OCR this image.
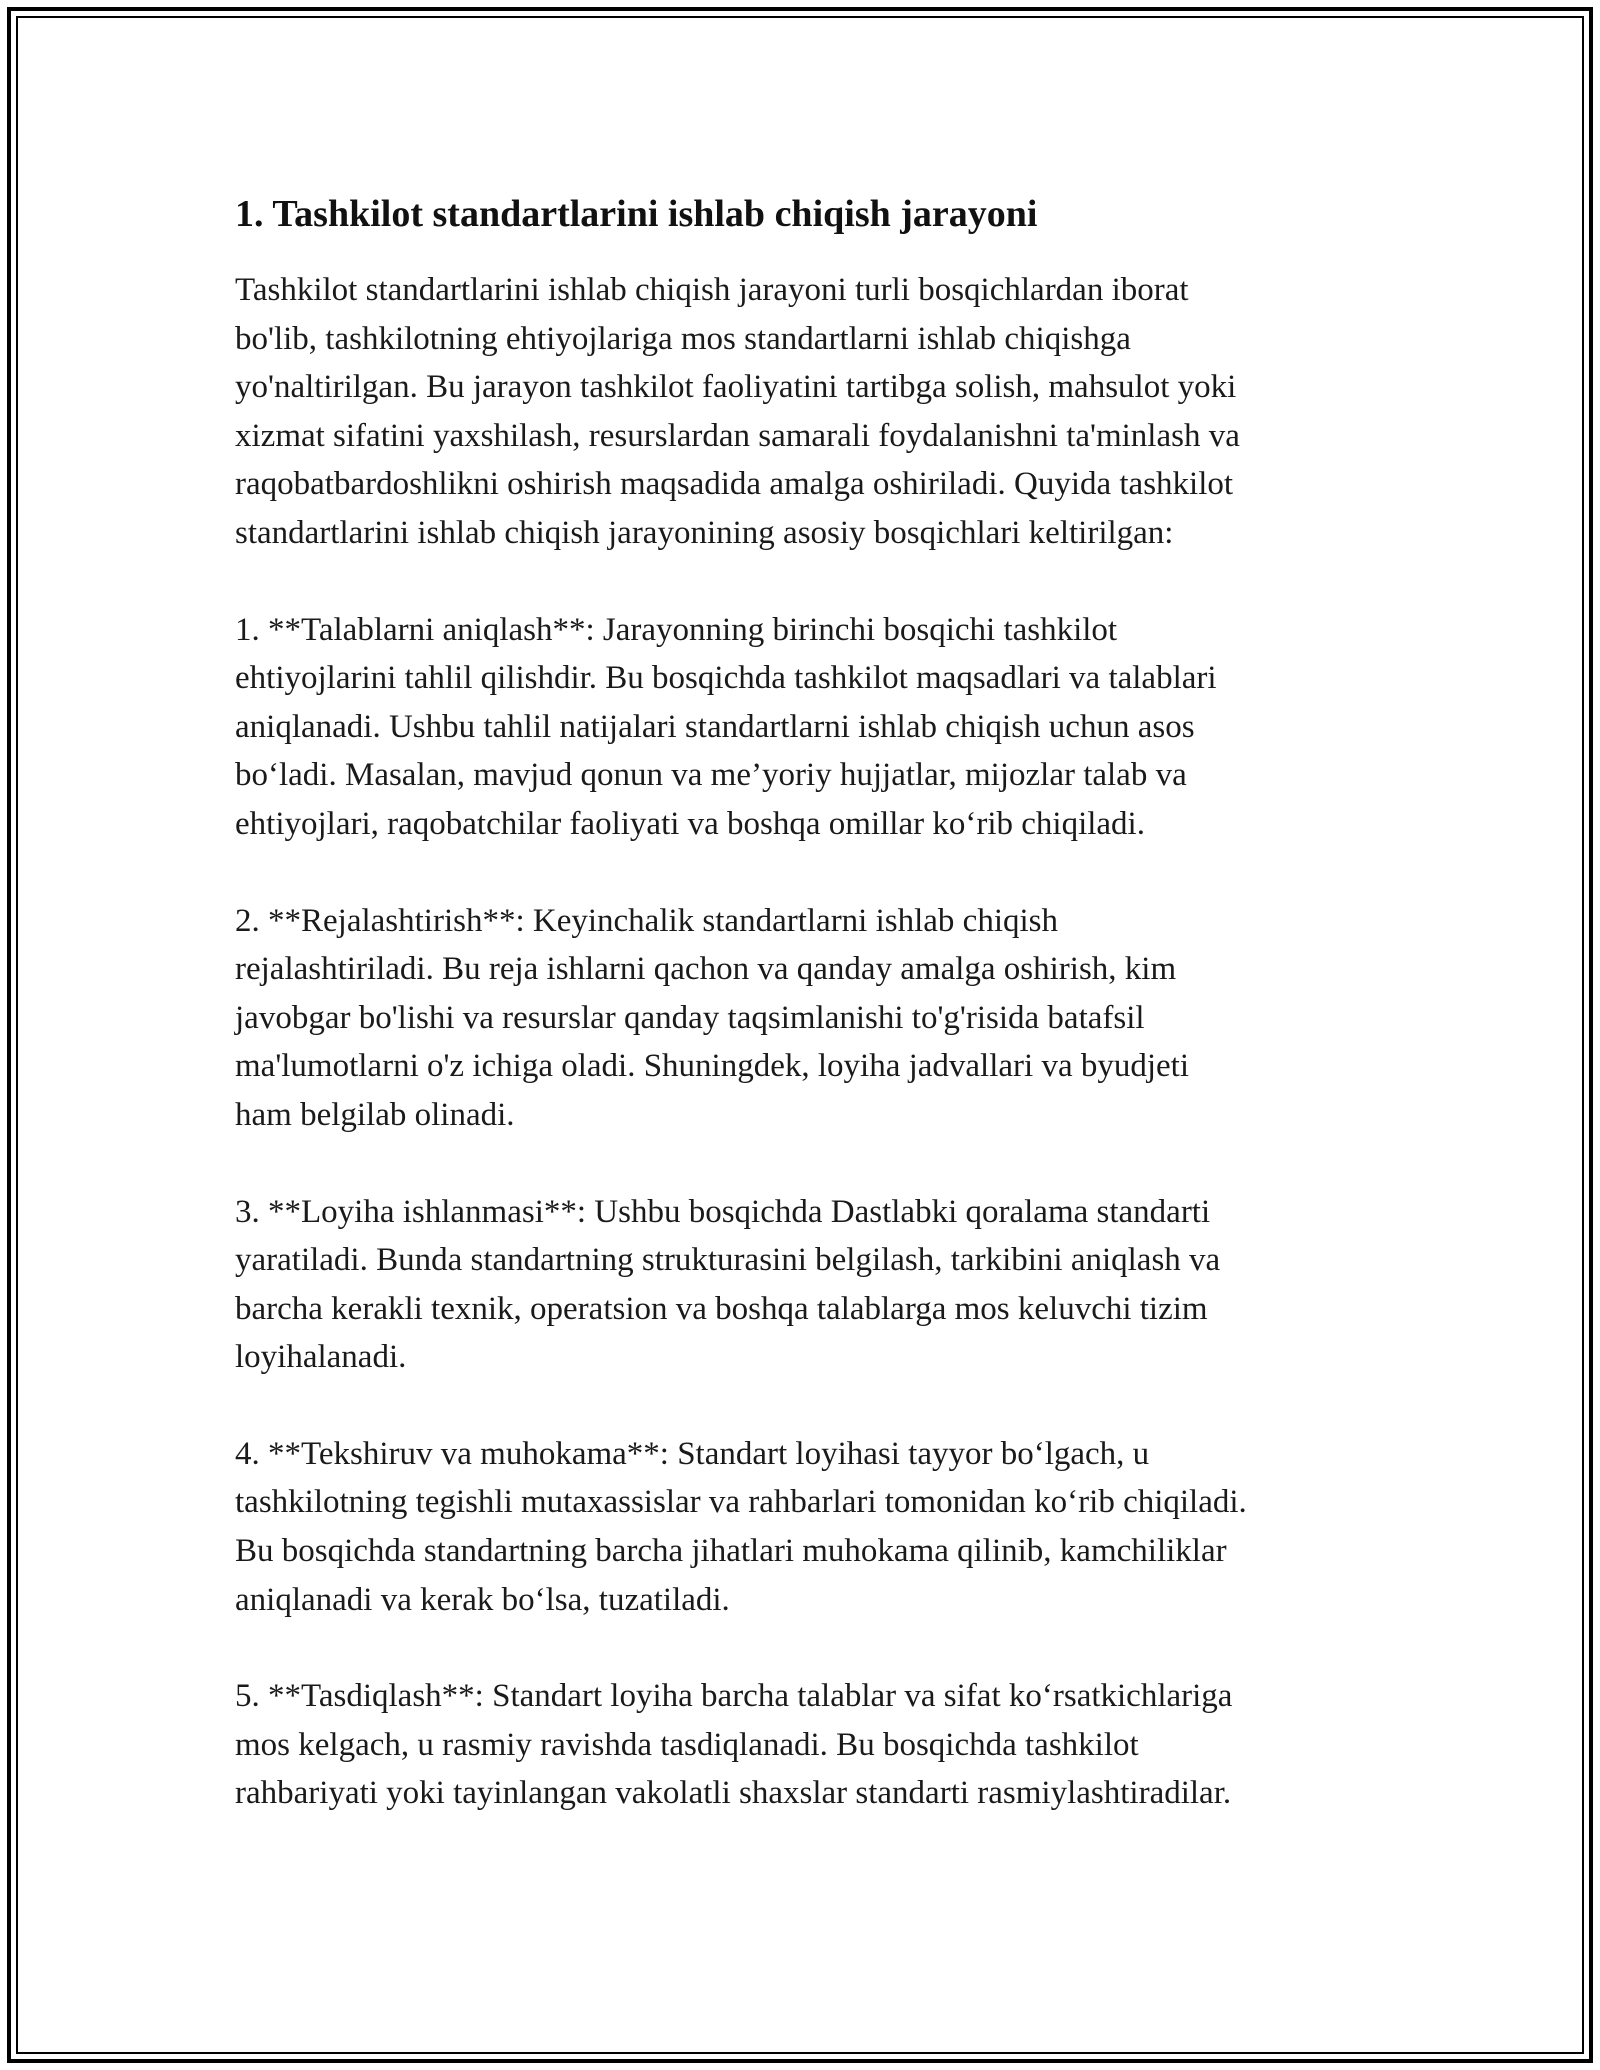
1. Tashkilot standartlarini ishlab chiqish jarayoni

Tashkilot standartlarini ishlab chiqish jarayoni turli bosqichlardan iborat
bo'lib, tashkilotning ehtiyojlariga mos standartlarni ishlab chiqishga
yo'naltirilgan. Bu jarayon tashkilot faoliyatini tartibga solish, mahsulot yoki
xizmat sifatini yaxshilash, resurslardan samarali foydalanishni ta'minlash va
raqobatbardoshlikni oshirish maqsadida amalga oshiriladi. Quyida tashkilot
standartlarini ishlab chiqish jarayonining asosiy bosqichlari keltirilgan:

1. **Talablarni aniqlash**: Jarayonning birinchi bosqichi tashkilot
ehtiyojlarini tahlil qilishdir. Bu bosqichda tashkilot maqsadlari va talablari
aniqlanadi. Ushbu tahlil natijalari standartlarni ishlab chiqish uchun asos
bo‘ladi. Masalan, mavjud qonun va me’yoriy hujjatlar, mijozlar talab va
ehtiyojlari, raqobatchilar faoliyati va boshqa omillar ko‘rib chiqiladi.

2. **Rejalashtirish**: Keyinchalik standartlarni ishlab chiqish
rejalashtiriladi. Bu reja ishlarni qachon va qanday amalga oshirish, kim
javobgar bo'lishi va resurslar qanday taqsimlanishi to'g'risida batafsil
ma'lumotlarni o'z ichiga oladi. Shuningdek, loyiha jadvallari va byudjeti
ham belgilab olinadi.

3. **Loyiha ishlanmasi**: Ushbu bosqichda Dastlabki qoralama standarti
yaratiladi. Bunda standartning strukturasini belgilash, tarkibini aniqlash va
barcha kerakli texnik, operatsion va boshqa talablarga mos keluvchi tizim
loyihalanadi.

4. **Tekshiruv va muhokama**: Standart loyihasi tayyor bo‘lgach, u
tashkilotning tegishli mutaxassislar va rahbarlari tomonidan ko‘rib chiqiladi.
Bu bosqichda standartning barcha jihatlari muhokama qilinib, kamchiliklar
aniqlanadi va kerak bo‘lsa, tuzatiladi.

5. **Tasdiqlash**: Standart loyiha barcha talablar va sifat ko‘rsatkichlariga
mos kelgach, u rasmiy ravishda tasdiqlanadi. Bu bosqichda tashkilot
rahbariyati yoki tayinlangan vakolatli shaxslar standarti rasmiylashtiradilar.
